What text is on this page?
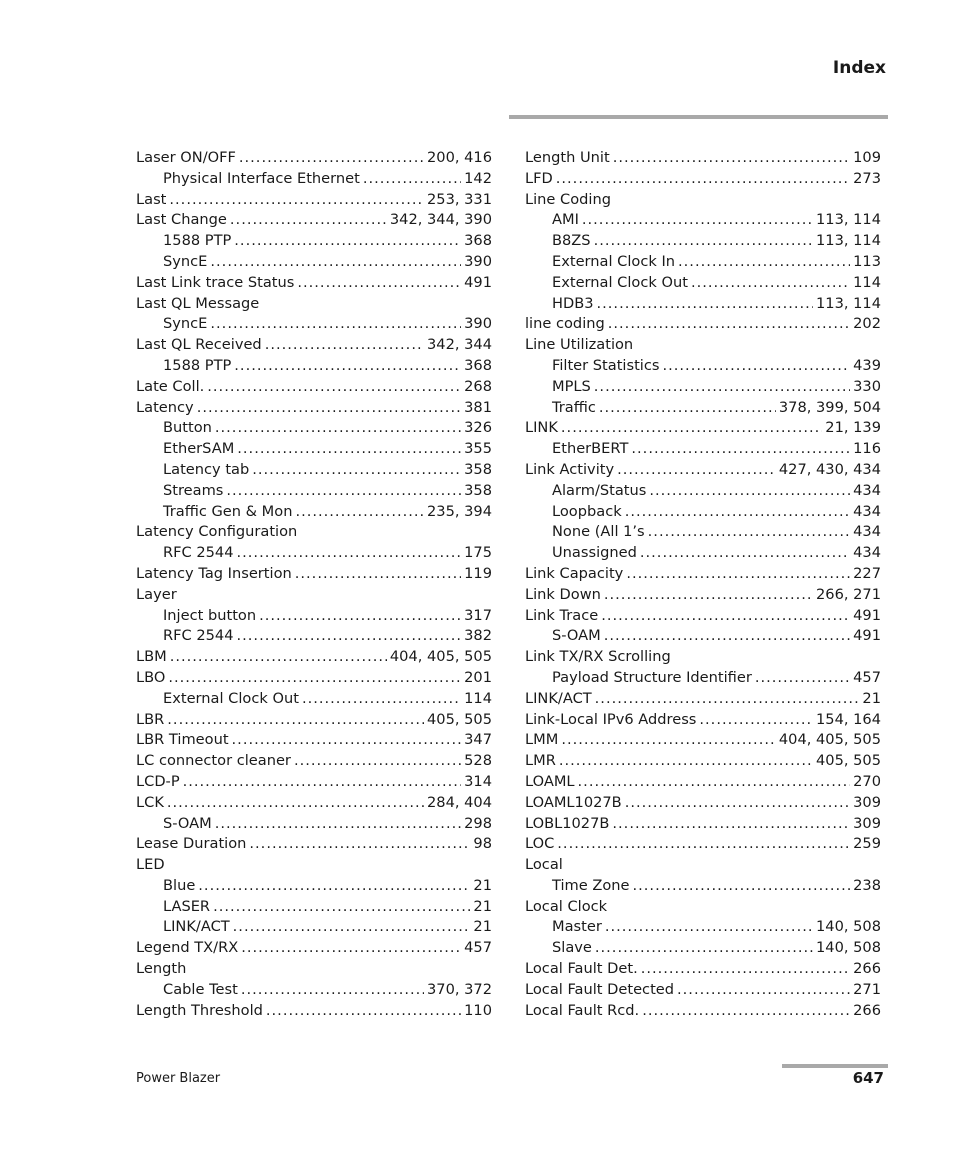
Index
Laser ON/OFF .....	200, 416
Physical Interface Ethernet .....	142
Last .....	253, 331
Last Change .....	342, 344, 390
1588 PTP .....	368
SyncE .....	390
Last Link trace Status .....	491
Last QL Message
SyncE .....	390
Last QL Received .....	342, 344
1588 PTP .....	368
Late Coll. .....	268
Latency .....	381
Button .....	326
EtherSAM .....	355
Latency tab .....	358
Streams .....	358
Traffic Gen & Mon .....	235, 394
Latency Configuration
RFC 2544 .....	175
Latency Tag Insertion .....	119
Layer
Inject button .....	317
RFC 2544 .....	382
LBM .....	404, 405, 505
LBO .....	201
External Clock Out .....	114
LBR .....	405, 505
LBR Timeout .....	347
LC connector cleaner .....	528
LCD-P .....	314
LCK .....	284, 404
S-OAM .....	298
Lease Duration .....	98
LED
Blue .....	21
LASER .....	21
LINK/ACT .....	21
Legend TX/RX .....	457
Length
Cable Test .....	370, 372
Length Threshold .....	110
Length Unit .....	109
LFD .....	273
Line Coding
AMI .....	113, 114
B8ZS .....	113, 114
External Clock In .....	113
External Clock Out .....	114
HDB3 .....	113, 114
line coding .....	202
Line Utilization
Filter Statistics .....	439
MPLS .....	330
Traffic .....	378, 399, 504
LINK .....	21, 139
EtherBERT .....	116
Link Activity .....	427, 430, 434
Alarm/Status .....	434
Loopback .....	434
None (All 1’s .....	434
Unassigned .....	434
Link Capacity .....	227
Link Down .....	266, 271
Link Trace .....	491
S-OAM .....	491
Link TX/RX Scrolling
Payload Structure Identifier .....	457
LINK/ACT .....	21
Link-Local IPv6 Address .....	154, 164
LMM .....	404, 405, 505
LMR .....	405, 505
LOAML .....	270
LOAML1027B .....	309
LOBL1027B .....	309
LOC .....	259
Local
Time Zone .....	238
Local Clock
Master .....	140, 508
Slave .....	140, 508
Local Fault Det. .....	266
Local Fault Detected .....	271
Local Fault Rcd. .....	266
Power Blazer	647
